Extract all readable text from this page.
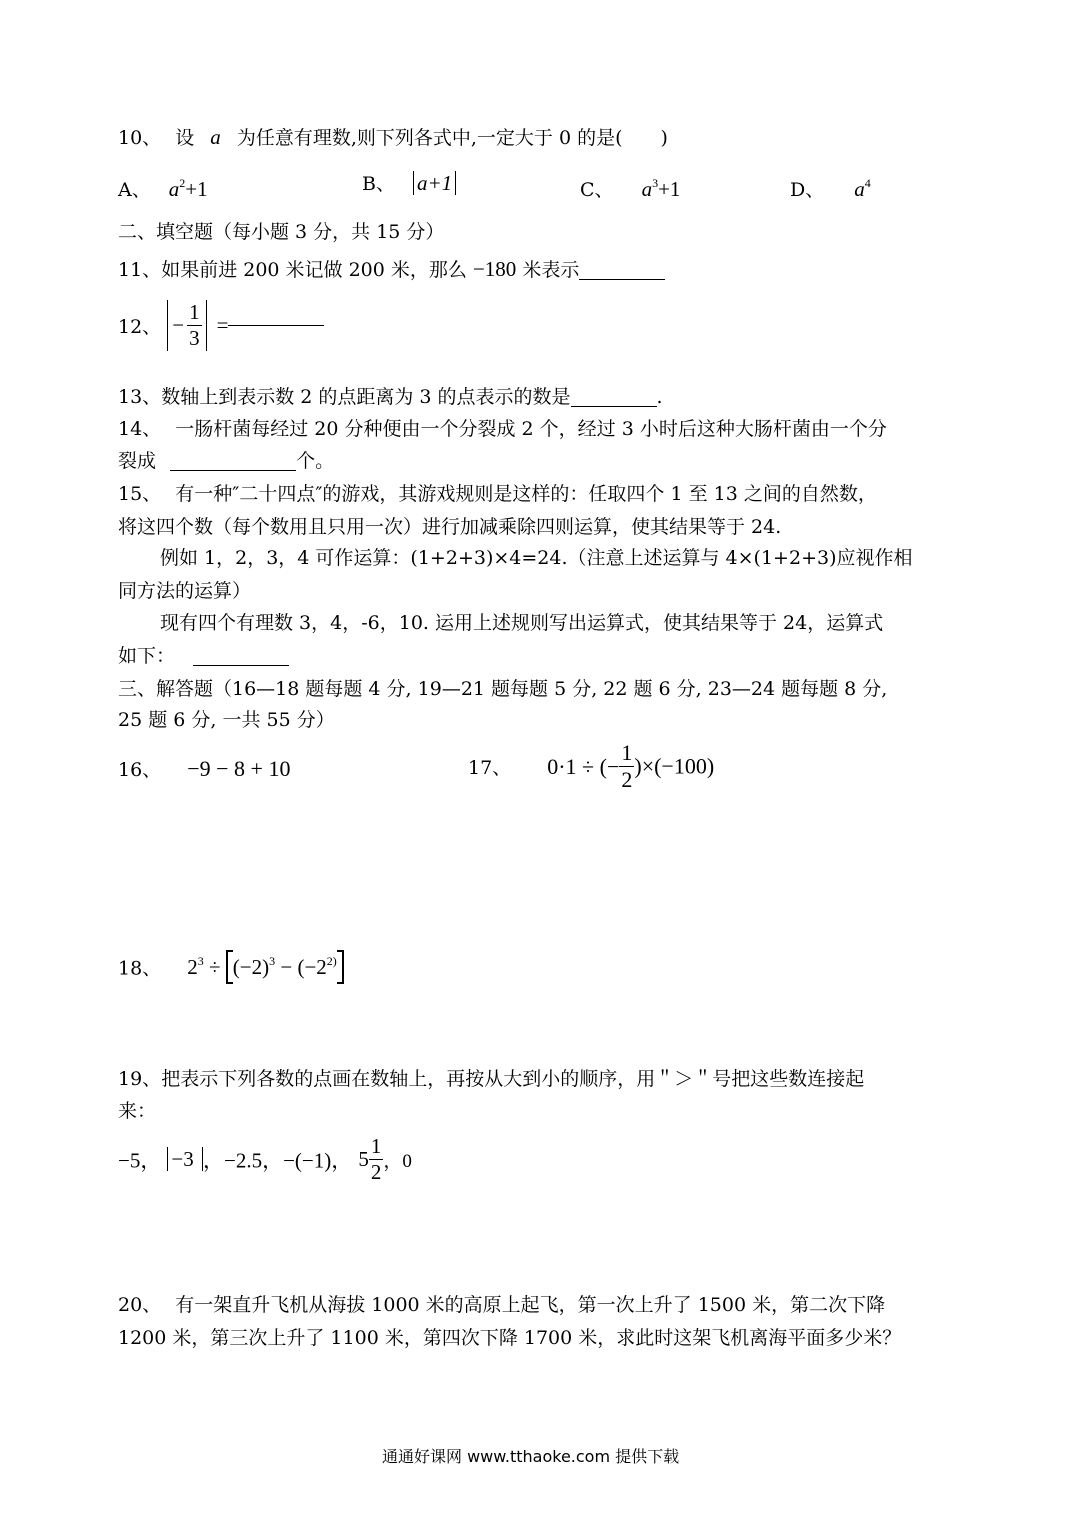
10、 设 a 为任意有理数,则下列各式中,一定大于 0 的是(　　)
A、 $a^2+1$	B、 a+1	C、 $a^3+1$	D、 $a^4$
二、填空题（每小题 3 分，共 15 分）
11、如果前进 200 米记做 200 米，那么 −180 米表示
12、 − $\frac{1}{3}$ =
13、数轴上到表示数 2 的点距离为 3 的点表示的数是	.
14、 一肠杆菌每经过 20 分种便由一个分裂成 2 个，经过 3 小时后这种大肠杆菌由一个分
裂成	个。
15、 有一种″二十四点″的游戏，其游戏规则是这样的：任取四个 1 至 13 之间的自然数，
将这四个数（每个数用且只用一次）进行加减乘除四则运算，使其结果等于 24.
例如 1，2，3，4 可作运算：(1+2+3)×4=24.（注意上述运算与 4×(1+2+3)应视作相
同方法的运算）
现有四个有理数 3，4，-6，10. 运用上述规则写出运算式，使其结果等于 24，运算式
如下：
三、解答题（16—18 题每题 4 分, 19—21 题每题 5 分, 22 题 6 分, 23—24 题每题 8 分,
25 题 6 分, 一共 55 分）
16、 −9 − 8 + 10	17、 0·1 ÷ (− $\frac{1}{2} )\times(-100)$
18、 $2^3 \div (-2)^3 - (-2^{2)}$
19、把表示下列各数的点画在数轴上，再按从大到小的顺序，用＂＞＂号把这些数连接起
来：
−5， −3 ，−2.5，−(−1)， $5 \frac{1}{2}$ ，0
20、 有一架直升飞机从海拔 1000 米的高原上起飞，第一次上升了 1500 米，第二次下降
1200 米，第三次上升了 1100 米，第四次下降 1700 米，求此时这架飞机离海平面多少米？
通通好课网 www.tthaoke.com 提供下载
